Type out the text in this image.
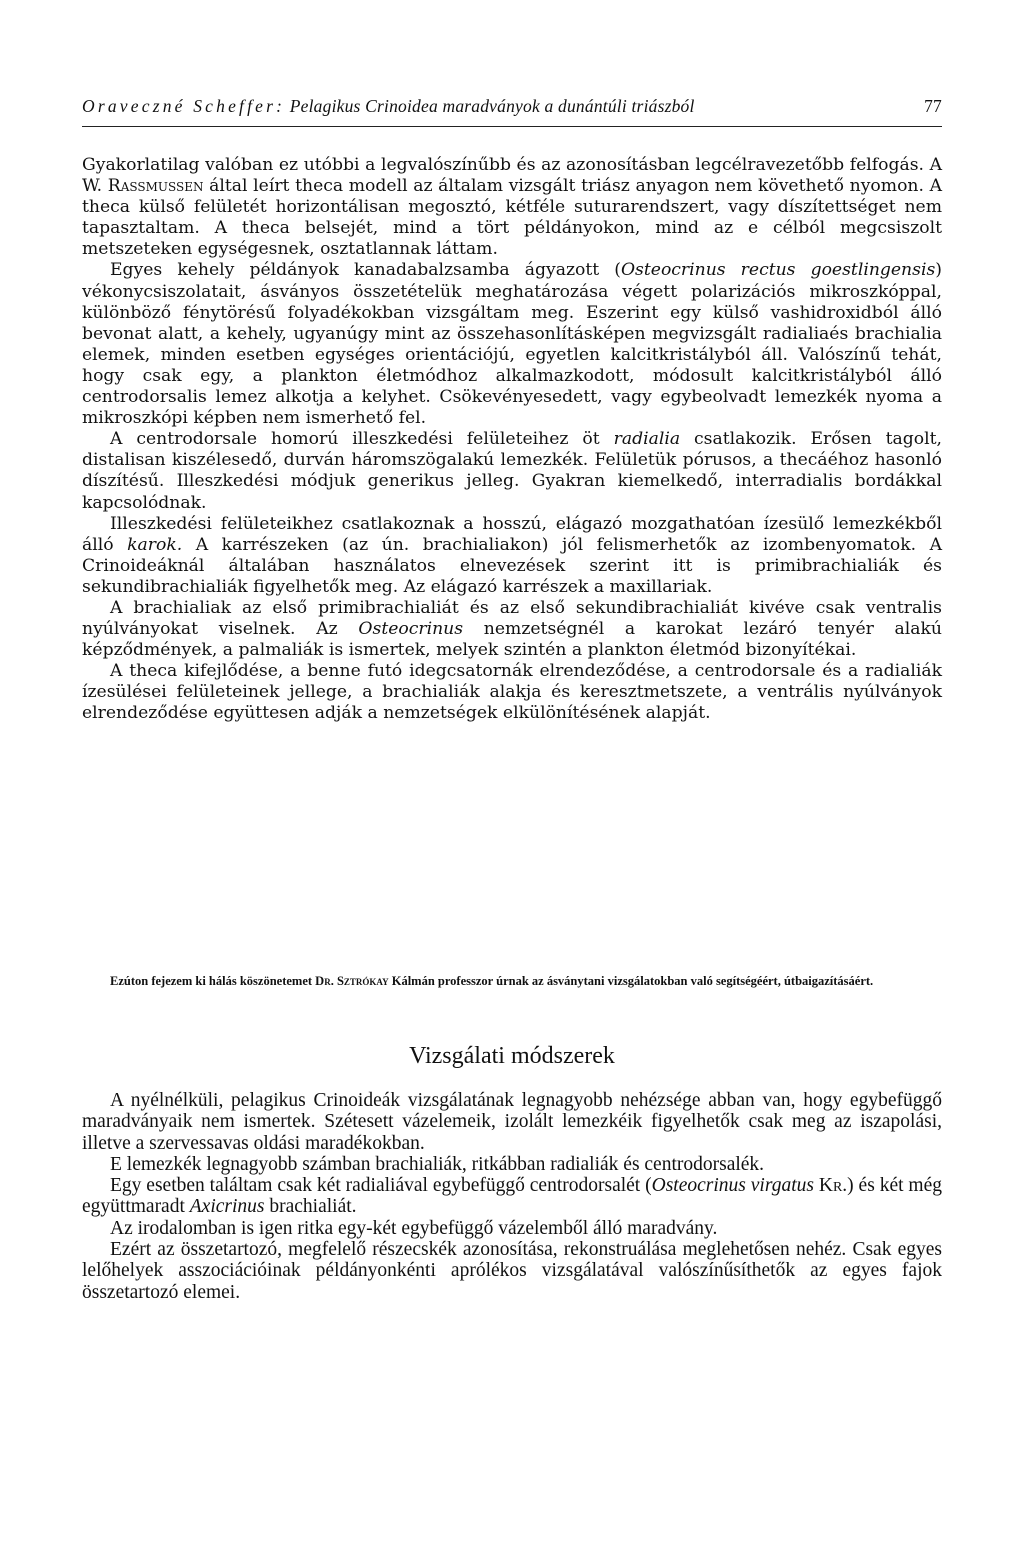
Oraveczné Scheffer: Pelagikus Crinoidea maradványok a dunántúli triászból	77

Gyakorlatilag valóban ez utóbbi a legvalószínűbb és az azonosításban legcélravezetőbb felfogás. A W. Rassmussen által leírt theca modell az általam vizsgált triász anyagon nem követhető nyomon. A theca külső felületét horizontálisan megosztó, kétféle suturarendszert, vagy díszítettséget nem tapasztaltam. A theca belsejét, mind a tört példányokon, mind az e célból megcsiszolt metszeteken egységesnek, osztatlannak láttam.

Egyes kehely példányok kanadabalzsamba ágyazott (Osteocrinus rectus goestlingensis) vékonycsiszolatait, ásványos összetételük meghatározása végett polarizációs mikroszkóppal, különböző fénytörésű folyadékokban vizsgáltam meg. Eszerint egy külső vashidroxidból álló bevonat alatt, a kehely, ugyanúgy mint az összehasonlításképen megvizsgált radialiaés brachialia elemek, minden esetben egységes orientációjú, egyetlen kalcitkristályból áll. Valószínű tehát, hogy csak egy, a plankton életmódhoz alkalmazkodott, módosult kalcitkristályból álló centrodorsalis lemez alkotja a kelyhet. Csökevényesedett, vagy egybeolvadt lemezkék nyoma a mikroszkópi képben nem ismerhető fel.

A centrodorsale homorú illeszkedési felületeihez öt radialia csatlakozik. Erősen tagolt, distalisan kiszélesedő, durván háromszögalakú lemezkék. Felületük pórusos, a thecáéhoz hasonló díszítésű. Illeszkedési módjuk generikus jelleg. Gyakran kiemelkedő, interradialis bordákkal kapcsolódnak.

Illeszkedési felületeikhez csatlakoznak a hosszú, elágazó mozgathatóan ízesülő lemezkékből álló karok. A karrészeken (az ún. brachialiakon) jól felismerhetők az izombenyomatok. A Crinoideáknál általában használatos elnevezések szerint itt is primibrachialiák és sekundibrachialiák figyelhetők meg. Az elágazó karrészek a maxillariak.

A brachialiak az első primibrachialiát és az első sekundibrachialiát kivéve csak ventralis nyúlványokat viselnek. Az Osteocrinus nemzetségnél a karokat lezáró tenyér alakú képződmények, a palmaliák is ismertek, melyek szintén a plankton életmód bizonyítékai.

A theca kifejlődése, a benne futó idegcsatornák elrendeződése, a centrodorsale és a radialiák ízesülései felületeinek jellege, a brachialiák alakja és keresztmetszete, a ventrális nyúlványok elrendeződése együttesen adják a nemzetségek elkülönítésének alapját.

Ezúton fejezem ki hálás köszönetemet Dr. Sztrókay Kálmán professzor úrnak az ásványtani vizsgálatokban való segítségéért, útbaigazításáért.

Vizsgálati módszerek

A nyélnélküli, pelagikus Crinoideák vizsgálatának legnagyobb nehézsége abban van, hogy egybefüggő maradványaik nem ismertek. Szétesett vázelemeik, izolált lemezkéik figyelhetők csak meg az iszapolási, illetve a szervessavas oldási maradékokban.

E lemezkék legnagyobb számban brachialiák, ritkábban radialiák és centrodorsalék.

Egy esetben találtam csak két radialiával egybefüggő centrodorsalét (Osteocrinus virgatus Kr.) és két még együttmaradt Axicrinus brachialiát.

Az irodalomban is igen ritka egy-két egybefüggő vázelemből álló maradvány.

Ezért az összetartozó, megfelelő részecskék azonosítása, rekonstruálása meglehetősen nehéz. Csak egyes lelőhelyek asszociációinak példányonkénti aprólékos vizsgálatával valószínűsíthetők az egyes fajok összetartozó elemei.
